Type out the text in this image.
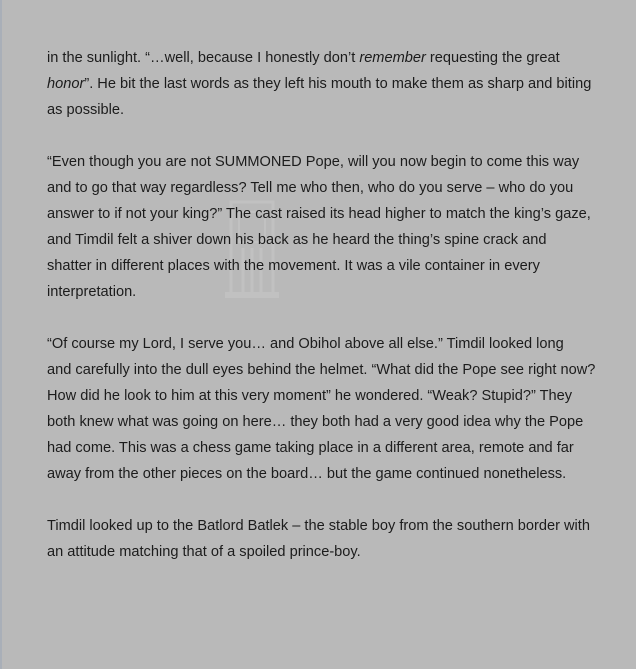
in the sunlight. “…well, because I honestly don’t remember requesting the great
honor”. He bit the last words as they left his mouth to make them as sharp and biting
as possible.

“Even though you are not SUMMONED Pope, will you now begin to come this way
and to go that way regardless? Tell me who then, who do you serve – who do you
answer to if not your king?” The cast raised its head higher to match the king’s gaze,
and Timdil felt a shiver down his back as he heard the thing’s spine crack and
shatter in different places with the movement. It was a vile container in every
interpretation.

“Of course my Lord, I serve you… and Obihol above all else.” Timdil looked long
and carefully into the dull eyes behind the helmet. “What did the Pope see right now?
How did he look to him at this very moment” he wondered. “Weak? Stupid?” They
both knew what was going on here… they both had a very good idea why the Pope
had come. This was a chess game taking place in a different area, remote and far
away from the other pieces on the board… but the game continued nonetheless.

Timdil looked up to the Batlord Batlek – the stable boy from the southern border with
an attitude matching that of a spoiled prince-boy.
